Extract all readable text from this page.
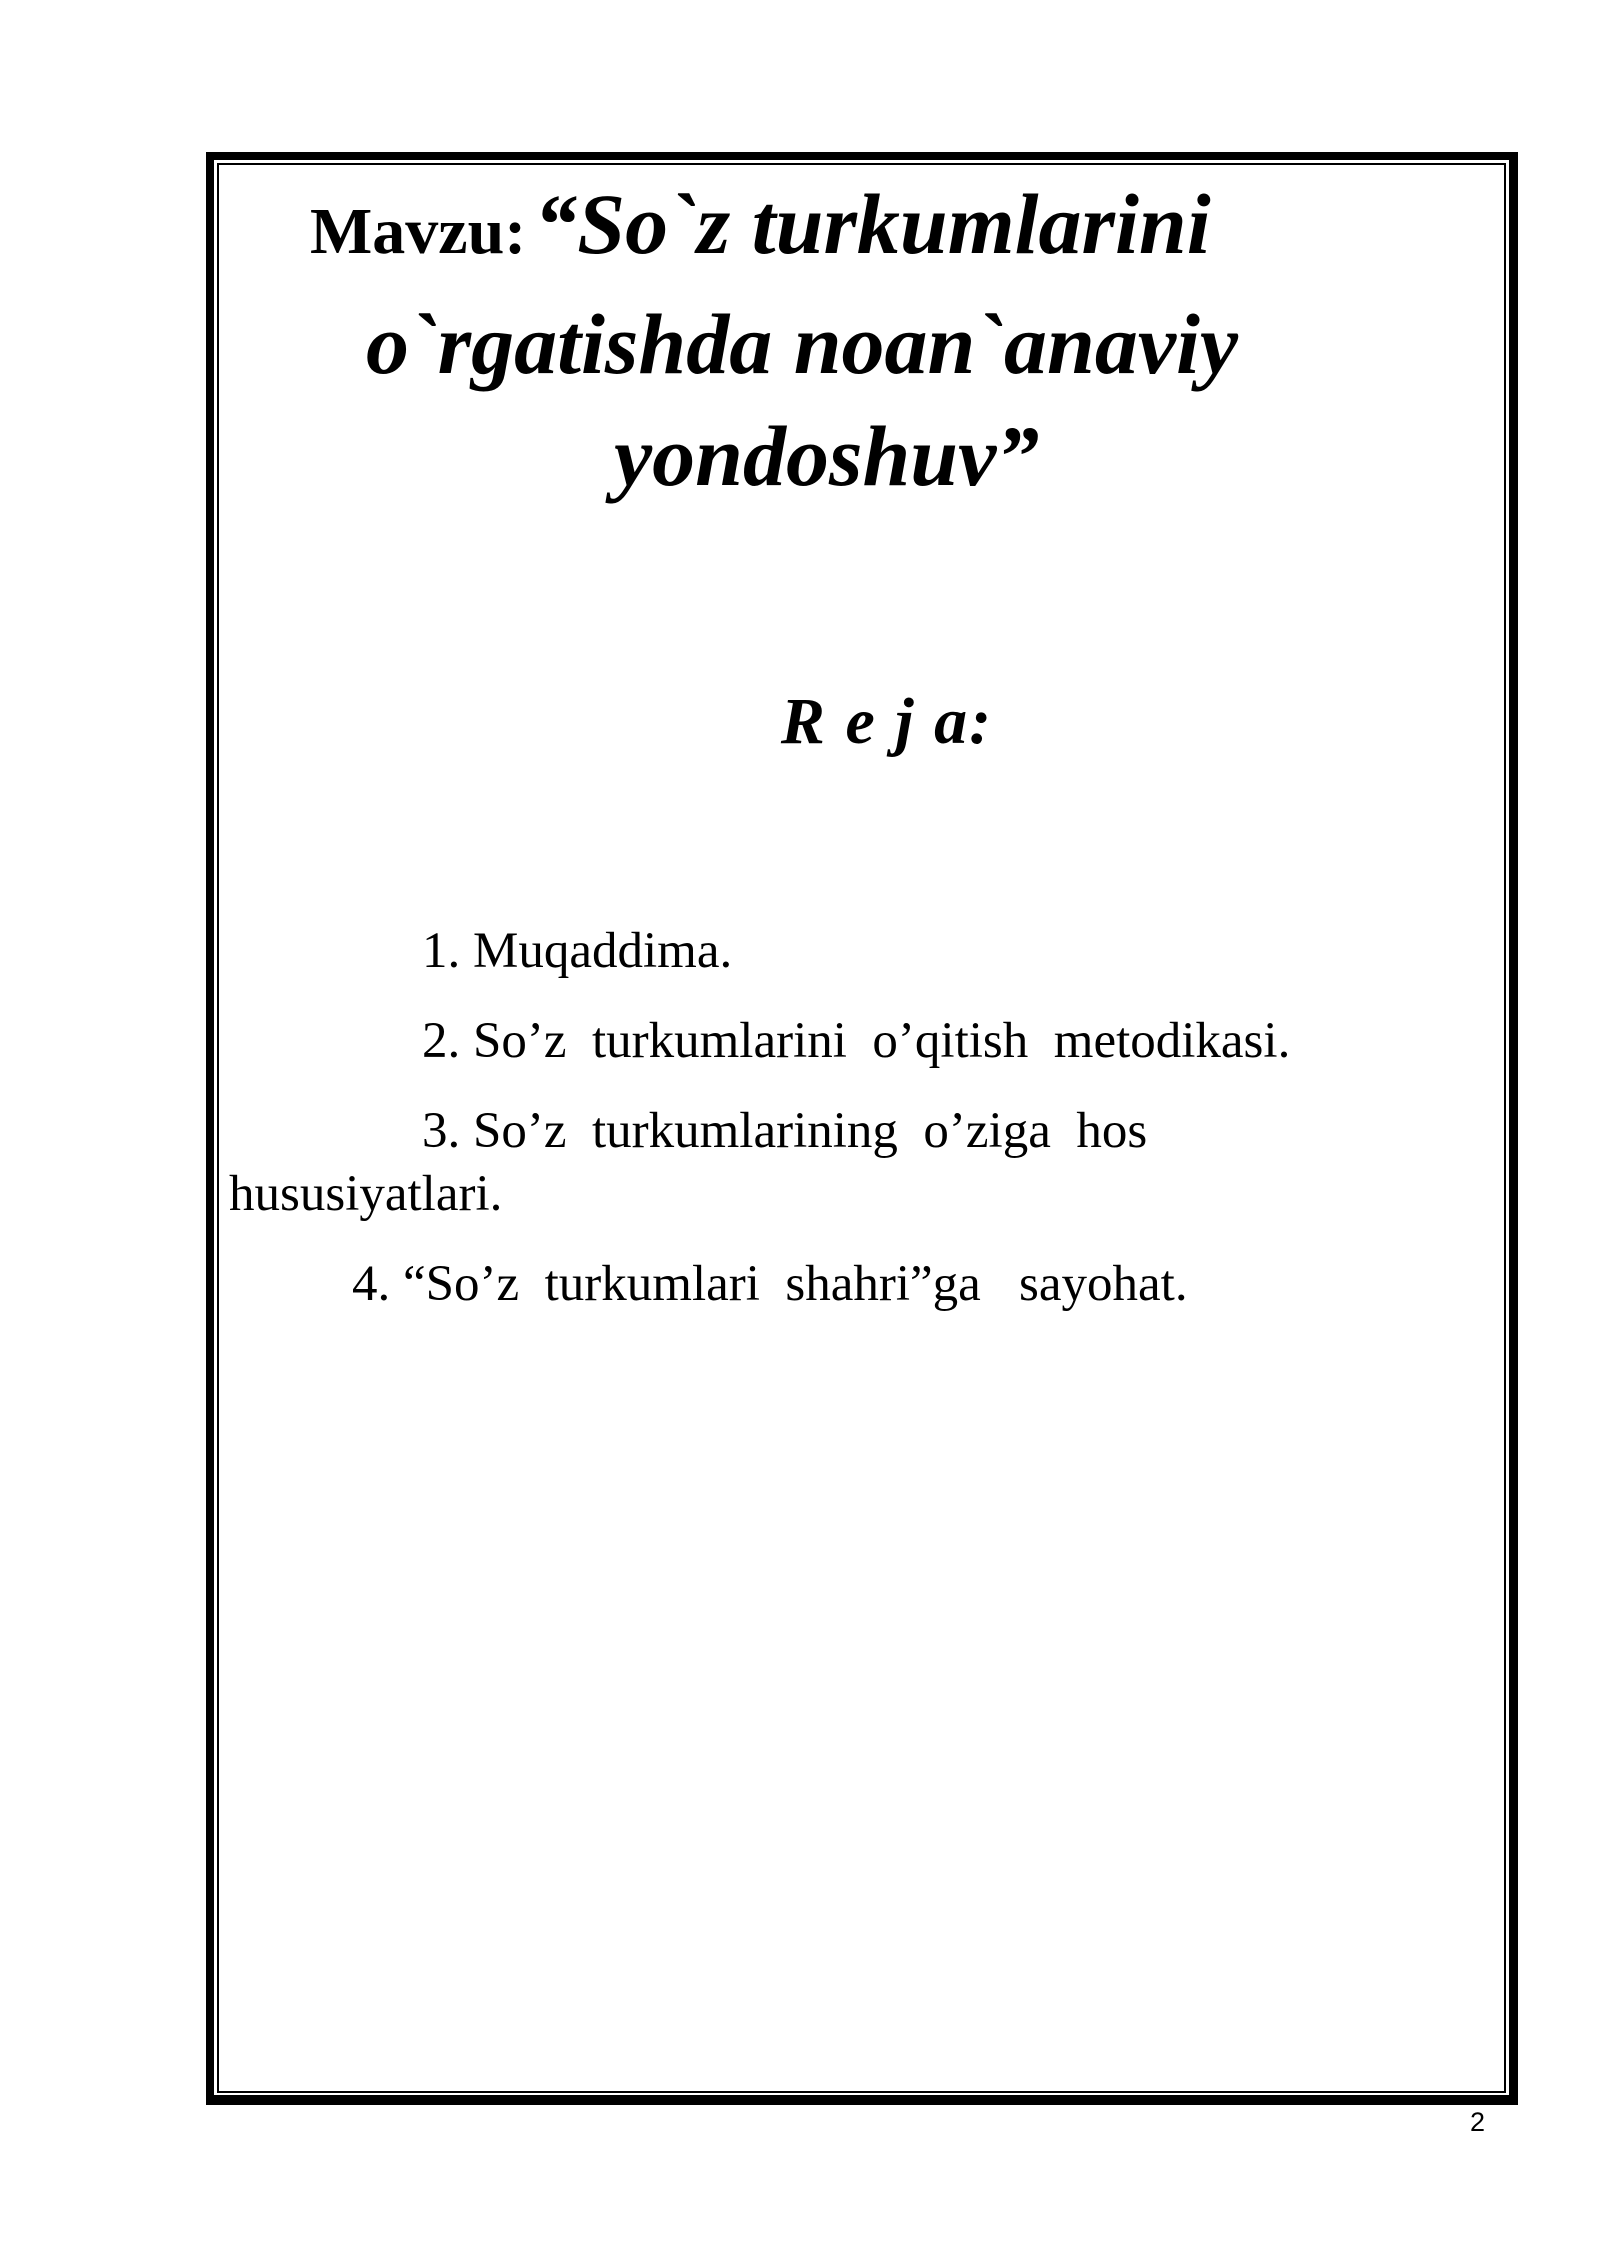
Mavzu:“So`z turkumlarini
o`rgatishda noan`anaviy
yondoshuv”
R e j a:

1. Muqaddima.

2. So’z  turkumlarini  o’qitish  metodikasi.

3. So’z  turkumlarining  o’ziga  hos

hususiyatlari.

4. “So’z  turkumlari  shahri”ga   sayohat.

2
